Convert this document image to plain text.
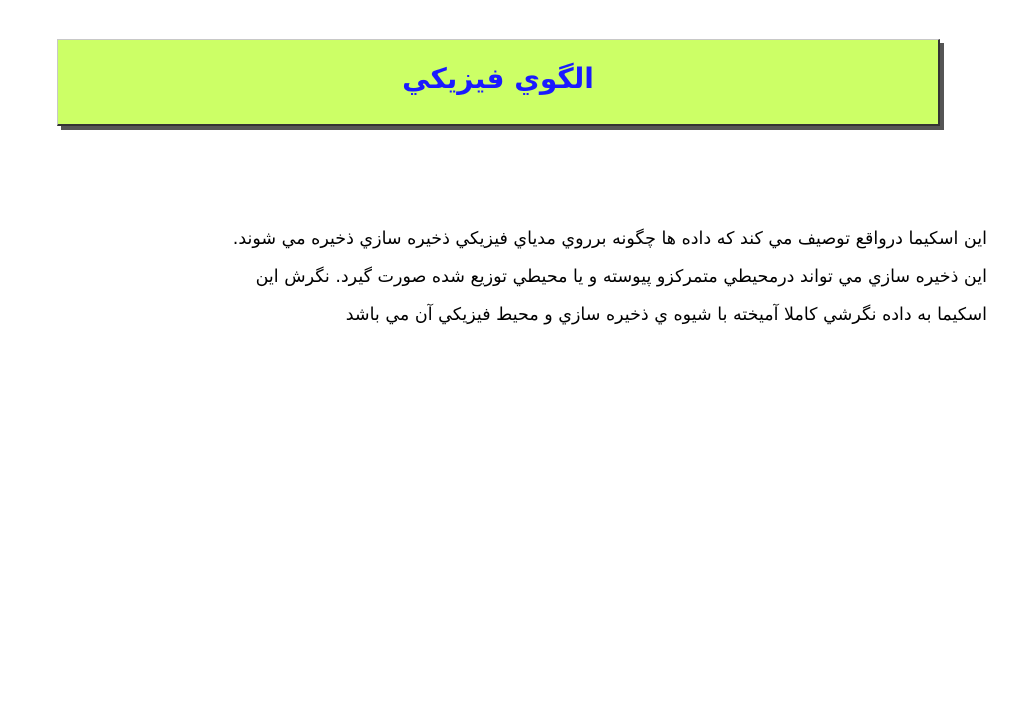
الگوي فيزيكي
اين اسكيما درواقع توصيف مي كند كه داده ها چگونه برروي مدياي فيزيكي ذخيره سازي ذخيره مي شوند.
اين ذخيره سازي مي تواند درمحيطي متمركزو پيوسته و يا محيطي توزيع شده صورت گيرد. نگرش اين
اسكيما به داده نگرشي كاملا آميخته با شيوه ي ذخيره سازي و محيط فيزيكي آن مي باشد
